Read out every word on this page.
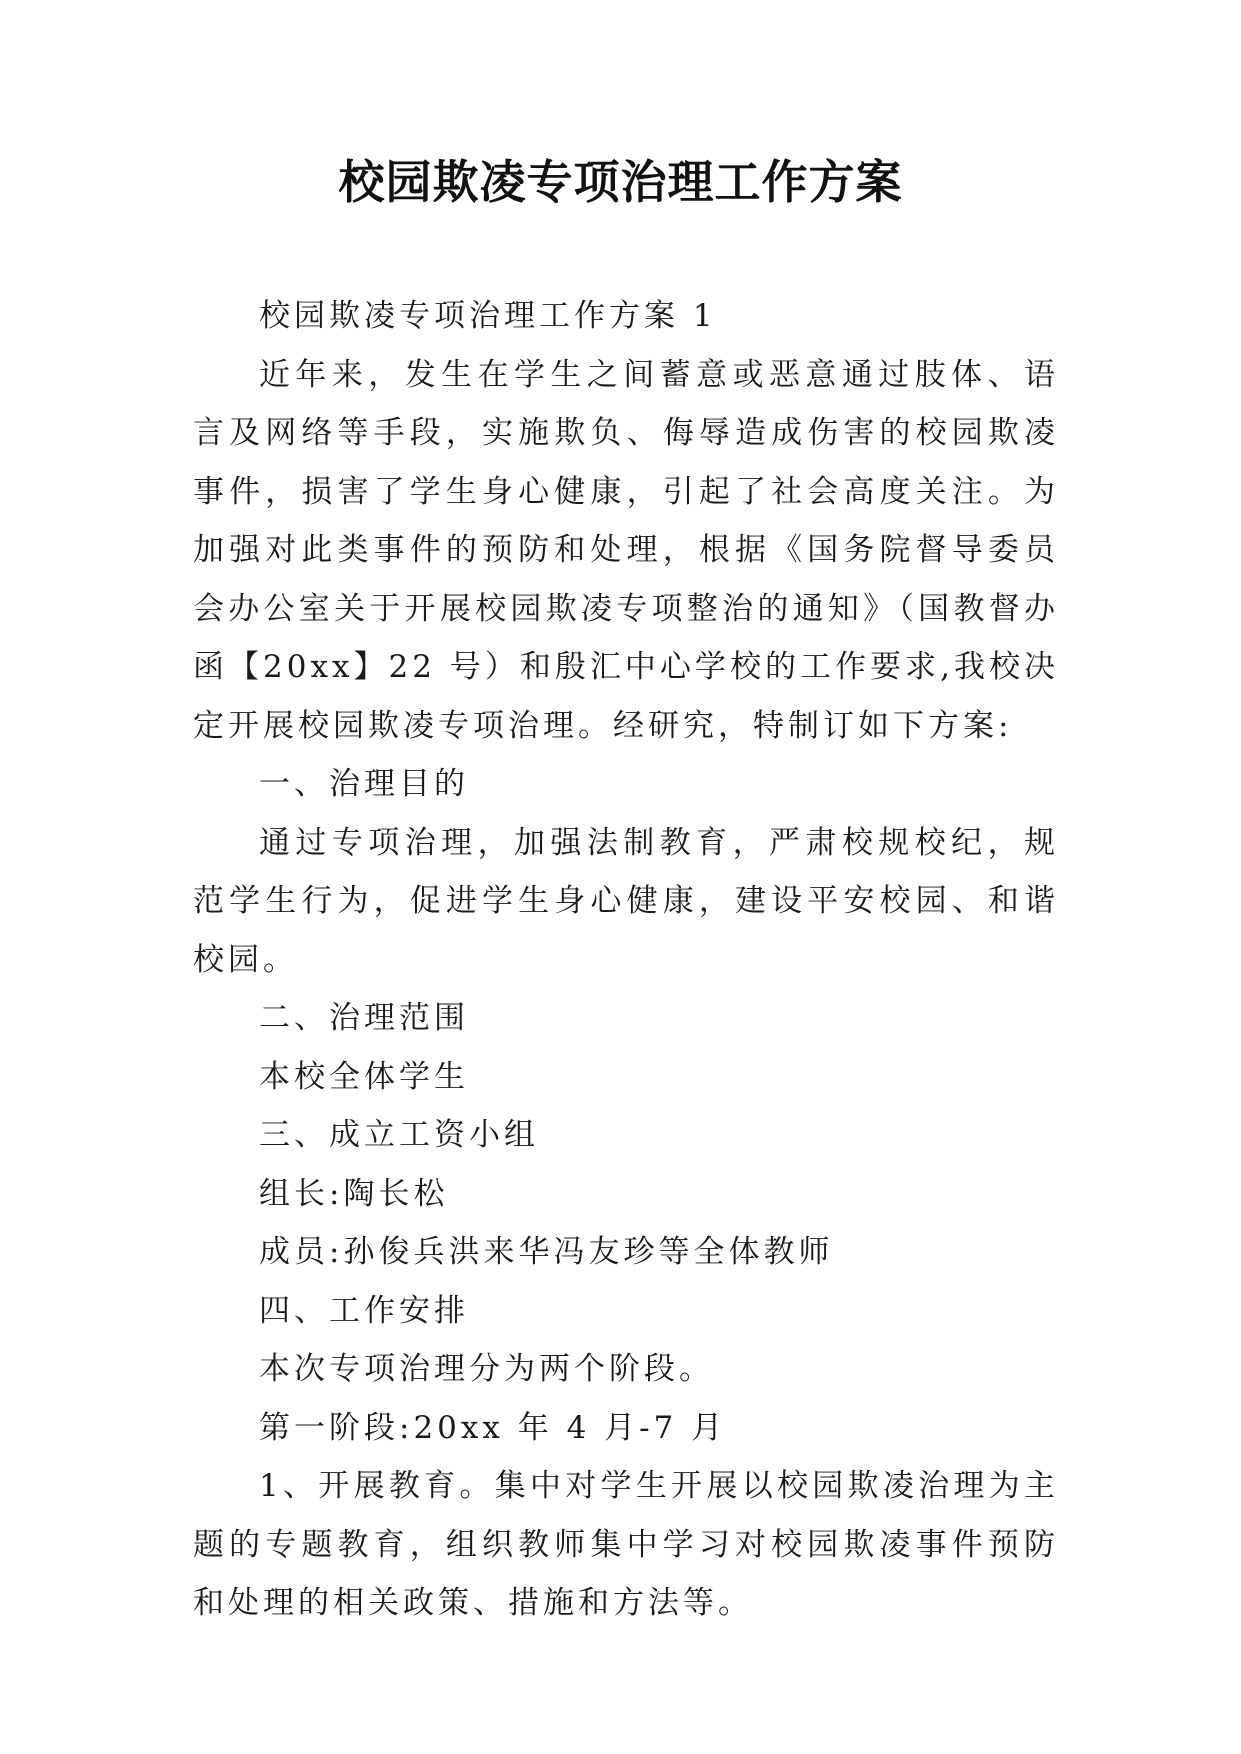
校园欺凌专项治理工作方案

校园欺凌专项治理工作方案 1

近年来，发生在学生之间蓄意或恶意通过肢体、语言及网络等手段，实施欺负、侮辱造成伤害的校园欺凌事件，损害了学生身心健康，引起了社会高度关注。为加强对此类事件的预防和处理，根据《国务院督导委员会办公室关于开展校园欺凌专项整治的通知》（国教督办函【20xx】22 号）和殷汇中心学校的工作要求,我校决定开展校园欺凌专项治理。经研究，特制订如下方案:

一、治理目的

通过专项治理，加强法制教育，严肃校规校纪，规范学生行为，促进学生身心健康，建设平安校园、和谐校园。

二、治理范围

本校全体学生

三、成立工资小组

组长:陶长松

成员:孙俊兵洪来华冯友珍等全体教师

四、工作安排

本次专项治理分为两个阶段。

第一阶段:20xx 年 4 月-7 月

1、开展教育。集中对学生开展以校园欺凌治理为主题的专题教育，组织教师集中学习对校园欺凌事件预防和处理的相关政策、措施和方法等。
